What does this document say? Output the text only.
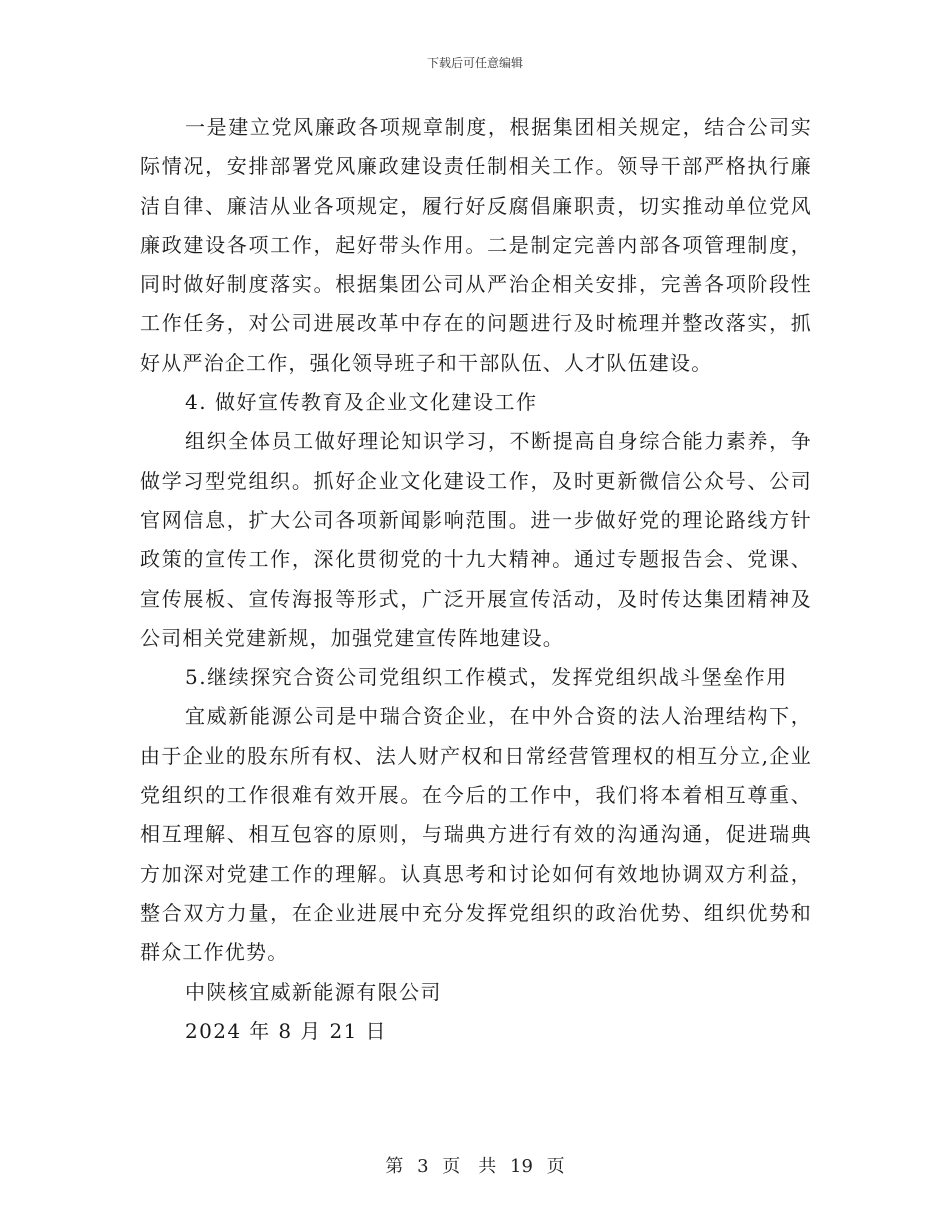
下载后可任意编辑

一是建立党风廉政各项规章制度，根据集团相关规定，结合公司实际情况，安排部署党风廉政建设责任制相关工作。领导干部严格执行廉洁自律、廉洁从业各项规定，履行好反腐倡廉职责，切实推动单位党风廉政建设各项工作，起好带头作用。二是制定完善内部各项管理制度，同时做好制度落实。根据集团公司从严治企相关安排，完善各项阶段性工作任务，对公司进展改革中存在的问题进行及时梳理并整改落实，抓好从严治企工作，强化领导班子和干部队伍、人才队伍建设。

4. 做好宣传教育及企业文化建设工作

组织全体员工做好理论知识学习，不断提高自身综合能力素养，争做学习型党组织。抓好企业文化建设工作，及时更新微信公众号、公司官网信息，扩大公司各项新闻影响范围。进一步做好党的理论路线方针政策的宣传工作，深化贯彻党的十九大精神。通过专题报告会、党课、宣传展板、宣传海报等形式，广泛开展宣传活动，及时传达集团精神及公司相关党建新规，加强党建宣传阵地建设。

5.继续探究合资公司党组织工作模式，发挥党组织战斗堡垒作用

宜威新能源公司是中瑞合资企业，在中外合资的法人治理结构下，由于企业的股东所有权、法人财产权和日常经营管理权的相互分立,企业党组织的工作很难有效开展。在今后的工作中，我们将本着相互尊重、相互理解、相互包容的原则，与瑞典方进行有效的沟通沟通，促进瑞典方加深对党建工作的理解。认真思考和讨论如何有效地协调双方利益，整合双方力量，在企业进展中充分发挥党组织的政治优势、组织优势和群众工作优势。

中陕核宜威新能源有限公司

2024 年 8 月 21 日

第 3 页　共 19 页
